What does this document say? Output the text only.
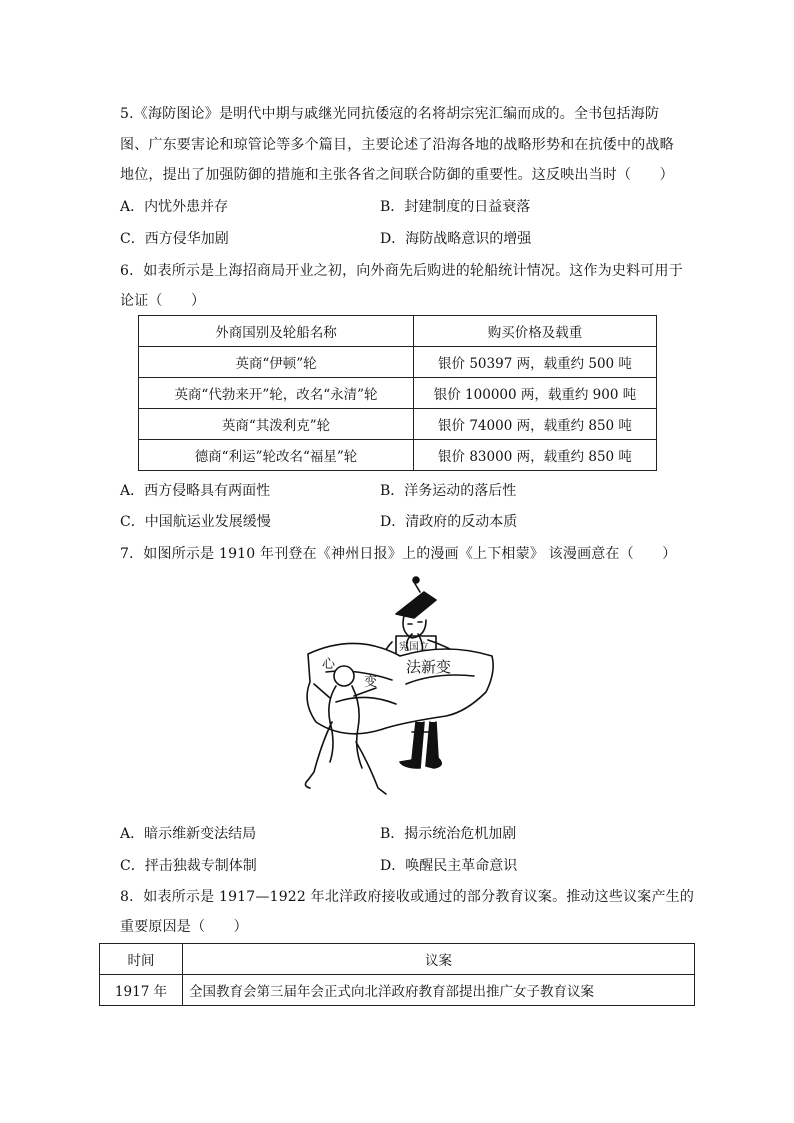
5.《海防图论》是明代中期与戚继光同抗倭寇的名将胡宗宪汇编而成的。全书包括海防
图、广东要害论和琼管论等多个篇目，主要论述了沿海各地的战略形势和在抗倭中的战略
地位，提出了加强防御的措施和主张各省之间联合防御的重要性。这反映出当时（　　）
A．内忧外患并存	B．封建制度的日益衰落
C．西方侵华加剧	D．海防战略意识的增强
6．如表所示是上海招商局开业之初，向外商先后购进的轮船统计情况。这作为史料可用于
论证（　　）
外商国别及轮船名称	购买价格及载重
英商“伊顿”轮	银价 50397 两，载重约 500 吨
英商“代勃来开”轮，改名“永清”轮	银价 100000 两，载重约 900 吨
英商“其泼利克”轮	银价 74000 两，载重约 850 吨
德商“利运”轮改名“福星”轮	银价 83000 两，载重约 850 吨
A．西方侵略具有两面性	B．洋务运动的落后性
C．中国航运业发展缓慢	D．清政府的反动本质
7．如图所示是 1910 年刊登在《神州日报》上的漫画《上下相蒙》 该漫画意在（　　）
心
变
法新变
宪国立
A．暗示维新变法结局	B．揭示统治危机加剧
C．抨击独裁专制体制	D．唤醒民主革命意识
8．如表所示是 1917—1922 年北洋政府接收或通过的部分教育议案。推动这些议案产生的
重要原因是（　　）
时间	议案
1917 年	全国教育会第三届年会正式向北洋政府教育部提出推广女子教育议案
